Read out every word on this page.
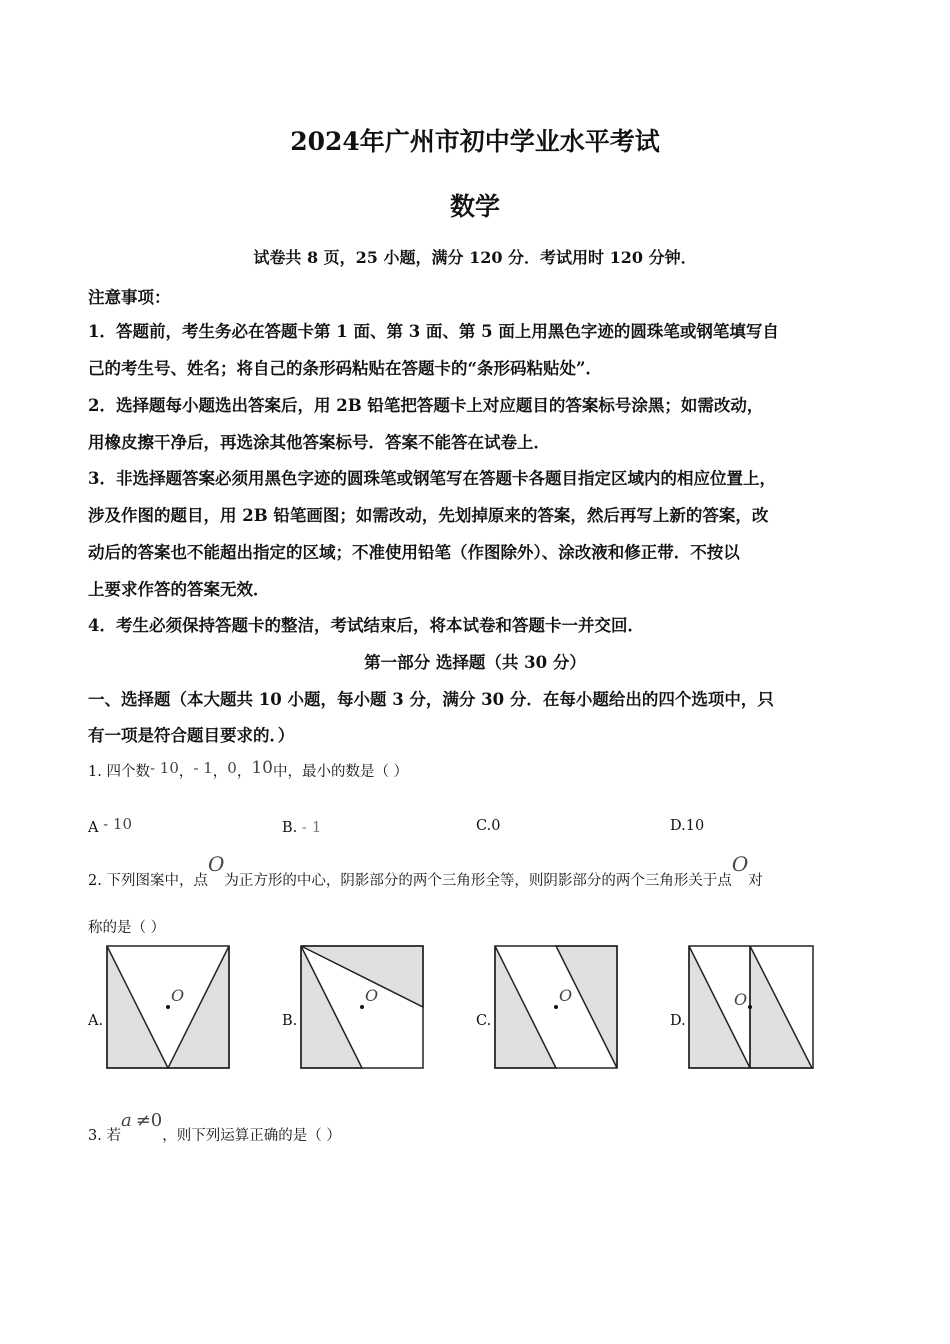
2024年广州市初中学业水平考试
数学
试卷共 8 页，25 小题，满分 120 分．考试用时 120 分钟．
注意事项：
1．答题前，考生务必在答题卡第 1 面、第 3 面、第 5 面上用黑色字迹的圆珠笔或钢笔填写自
己的考生号、姓名；将自己的条形码粘贴在答题卡的“条形码粘贴处”．
2．选择题每小题选出答案后，用 2B 铅笔把答题卡上对应题目的答案标号涂黑；如需改动，
用橡皮擦干净后，再选涂其他答案标号．答案不能答在试卷上．
3．非选择题答案必须用黑色字迹的圆珠笔或钢笔写在答题卡各题目指定区域内的相应位置上，
涉及作图的题目，用 2B 铅笔画图；如需改动，先划掉原来的答案，然后再写上新的答案，改
动后的答案也不能超出指定的区域；不准使用铅笔（作图除外）、涂改液和修正带．不按以
上要求作答的答案无效．
4．考生必须保持答题卡的整洁，考试结束后，将本试卷和答题卡一并交回．
第一部分 选择题（共 30 分）
一、选择题（本大题共 10 小题，每小题 3 分，满分 30 分．在每小题给出的四个选项中，只
有一项是符合题目要求的．）
1. 四个数- 10，- 1，0，10中，最小的数是（ ）
A - 10	B. - 1	C.0	D.10
2. 下列图案中，点O为正方形的中心，阴影部分的两个三角形全等，则阴影部分的两个三角形关于点O对
称的是（ ）
A.
O
B.
O
C.
O
D.
O
3. 若a ≠0，则下列运算正确的是（ ）
